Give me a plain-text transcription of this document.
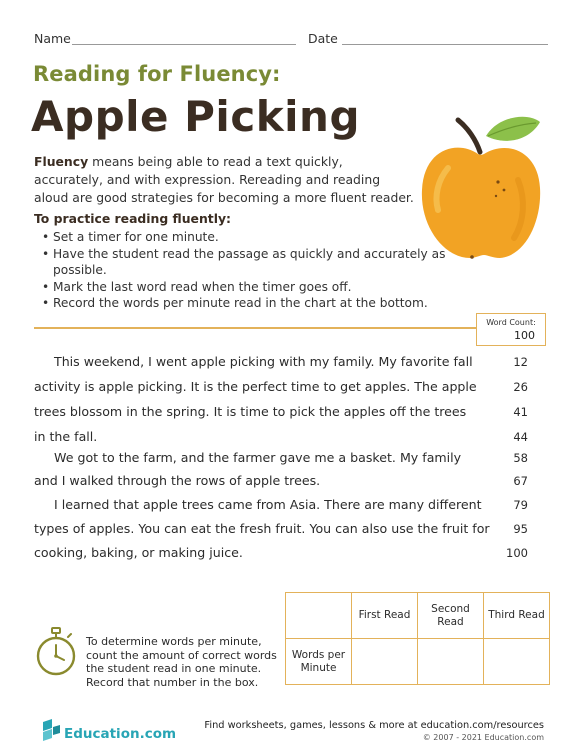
Name	Date
Reading for Fluency:
Apple Picking
Fluency means being able to read a text quickly, accurately, and with expression. Rereading and reading aloud are good strategies for becoming a more fluent reader.
To practice reading fluently:
• Set a timer for one minute.
• Have the student read the passage as quickly and accurately as possible.
• Mark the last word read when the timer goes off.
• Record the words per minute read in the chart at the bottom.
Word Count:
100
This weekend, I went apple picking with my family. My favorite fall	12
activity is apple picking. It is the perfect time to get apples. The apple	26
trees blossom in the spring. It is time to pick the apples off the trees	41
in the fall.	44
We got to the farm, and the farmer gave me a basket. My family	58
and I walked through the rows of apple trees.	67
I learned that apple trees came from Asia. There are many different	79
types of apples. You can eat the fresh fruit. You can also use the fruit for	95
cooking, baking, or making juice.	100
To determine words per minute, count the amount of correct words the student read in one minute. Record that number in the box.
	First Read	Second Read	Third Read
Words per Minute			
Education.com
Find worksheets, games, lessons & more at education.com/resources
© 2007 - 2021 Education.com
